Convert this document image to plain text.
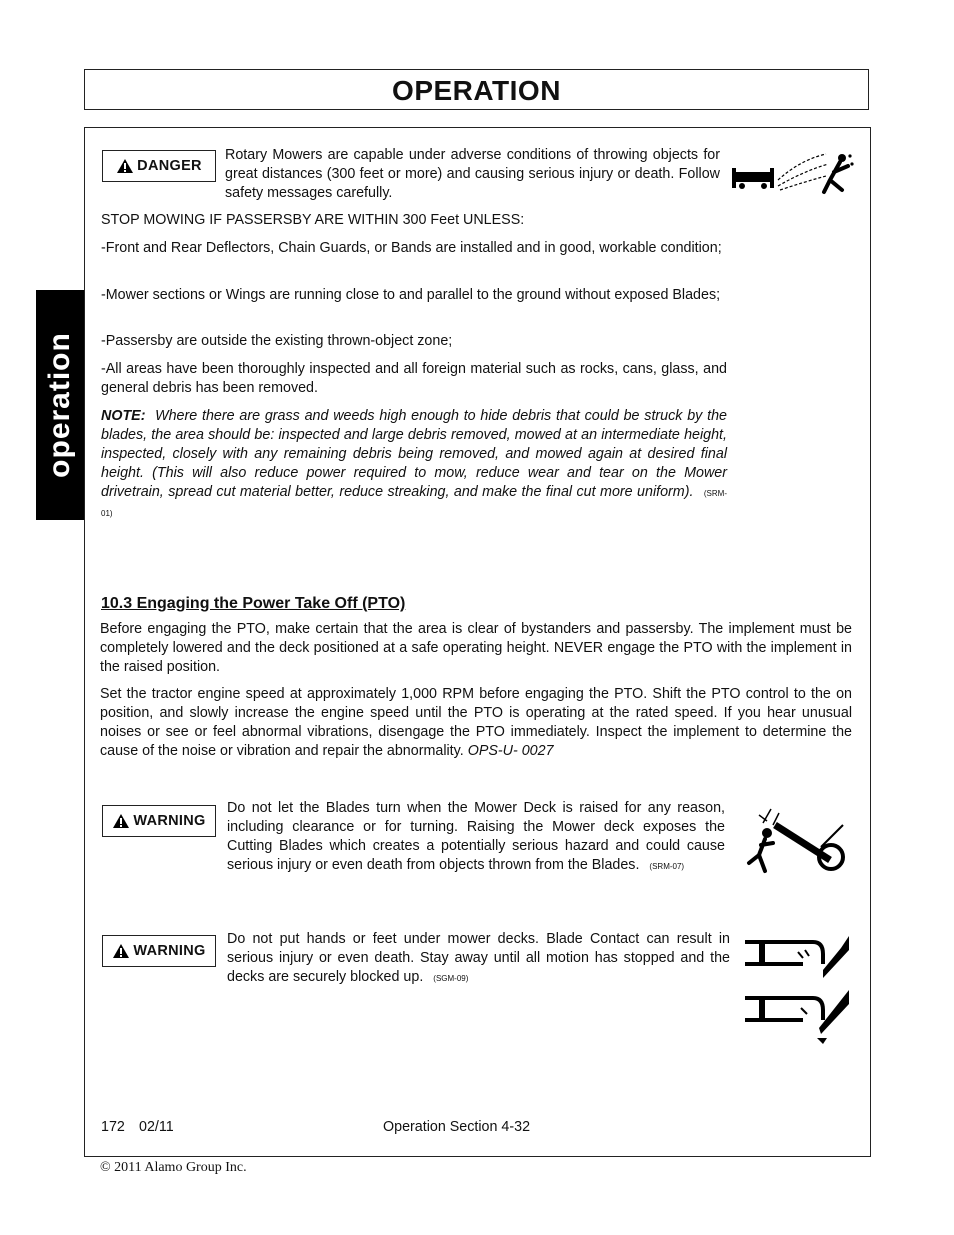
OPERATION
operation
DANGER

Rotary Mowers are capable under adverse conditions of throwing objects for great distances (300 feet or more) and causing serious injury or death. Follow safety messages carefully.

STOP MOWING IF PASSERSBY ARE WITHIN 300 Feet UNLESS:

-Front and Rear Deflectors, Chain Guards, or Bands are installed and in good, workable condition;

-Mower sections or Wings are running close to and parallel to the ground without exposed Blades;

-Passersby are outside the existing thrown-object zone;

-All areas have been thoroughly inspected and all foreign material such as rocks, cans, glass, and general debris has been removed.

NOTE: Where there are grass and weeds high enough to hide debris that could be struck by the blades, the area should be: inspected and large debris removed, mowed at an intermediate height, inspected, closely with any remaining debris being removed, and mowed again at desired final height. (This will also reduce power required to mow, reduce wear and tear on the Mower drivetrain, spread cut material better, reduce streaking, and make the final cut more uniform). (SRM-01)

10.3 Engaging the Power Take Off (PTO)

Before engaging the PTO, make certain that the area is clear of bystanders and passersby. The implement must be completely lowered and the deck positioned at a safe operating height. NEVER engage the PTO with the implement in the raised position.

Set the tractor engine speed at approximately 1,000 RPM before engaging the PTO. Shift the PTO control to the on position, and slowly increase the engine speed until the PTO is operating at the rated speed. If you hear unusual noises or see or feel abnormal vibrations, disengage the PTO immediately. Inspect the implement to determine the cause of the noise or vibration and repair the abnormality. OPS-U- 0027

WARNING

Do not let the Blades turn when the Mower Deck is raised for any reason, including clearance or for turning. Raising the Mower deck exposes the Cutting Blades which creates a potentially serious hazard and could cause serious injury or even death from objects thrown from the Blades. (SRM-07)

WARNING

Do not put hands or feet under mower decks. Blade Contact can result in serious injury or even death. Stay away until all motion has stopped and the decks are securely blocked up. (SGM-09)

172 02/11	Operation Section 4-32
© 2011 Alamo Group Inc.
